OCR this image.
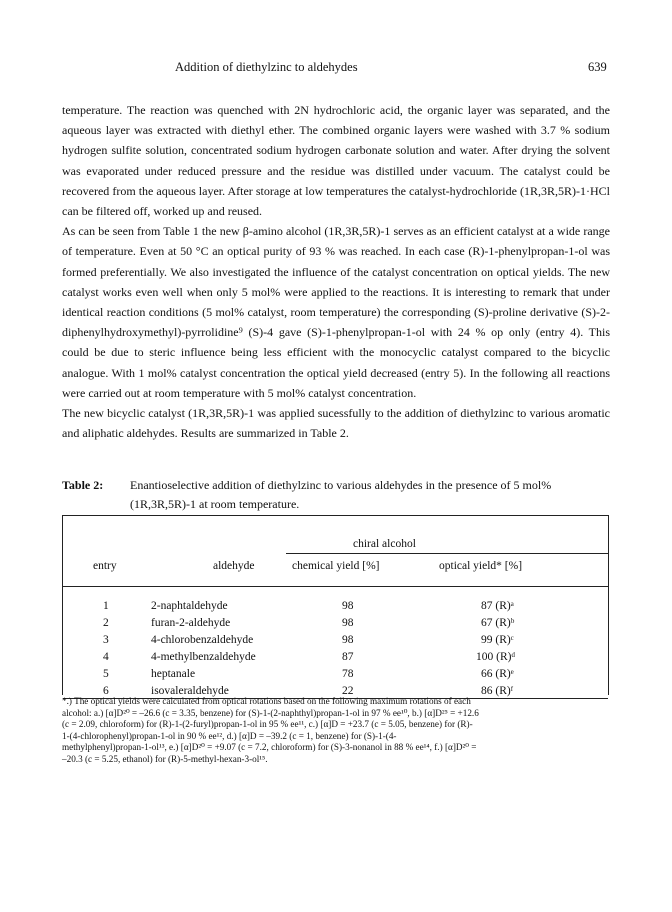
Addition of diethylzinc to aldehydes	639

temperature. The reaction was quenched with 2N hydrochloric acid, the organic layer was separated, and the aqueous layer was extracted with diethyl ether. The combined organic layers were washed with 3.7 % sodium hydrogen sulfite solution, concentrated sodium hydrogen carbonate solution and water. After drying the solvent was evaporated under reduced pressure and the residue was distilled under vacuum. The catalyst could be recovered from the aqueous layer. After storage at low temperatures the catalyst-hydrochloride (1R,3R,5R)-1·HCl can be filtered off, worked up and reused.

As can be seen from Table 1 the new β-amino alcohol (1R,3R,5R)-1 serves as an efficient catalyst at a wide range of temperature. Even at 50 °C an optical purity of 93 % was reached. In each case (R)-1-phenylpropan-1-ol was formed preferentially. We also investigated the influence of the catalyst concentration on optical yields. The new catalyst works even well when only 5 mol% were applied to the reactions. It is interesting to remark that under identical reaction conditions (5 mol% catalyst, room temperature) the corresponding (S)-proline derivative (S)-2-diphenylhydroxymethyl)-pyrrolidine⁹ (S)-4 gave (S)-1-phenylpropan-1-ol with 24 % op only (entry 4). This could be due to steric influence being less efficient with the monocyclic catalyst compared to the bicyclic analogue. With 1 mol% catalyst concentration the optical yield decreased (entry 5). In the following all reactions were carried out at room temperature with 5 mol% catalyst concentration.

The new bicyclic catalyst (1R,3R,5R)-1 was applied sucessfully to the addition of diethylzinc to various aromatic and aliphatic aldehydes. Results are summarized in Table 2.

Table 2: Enantioselective addition of diethylzinc to various aldehydes in the presence of 5 mol% (1R,3R,5R)-1 at room temperature.
chiral alcohol
entry	aldehyde	chemical yield [%]	optical yield* [%]
1	2-naphtaldehyde	98	87 (R)ᵃ
2	furan-2-aldehyde	98	67 (R)ᵇ
3	4-chlorobenzaldehyde	98	99 (R)ᶜ
4	4-methylbenzaldehyde	87	100 (R)ᵈ
5	heptanale	78	66 (R)ᵉ
6	isovaleraldehyde	22	86 (R)ᶠ
*.) The optical yields were calculated from optical rotations based on the following maximum rotations of each
alcohol: a.) [α]D²⁰ = –26.6 (c = 3.35, benzene) for (S)-1-(2-naphthyl)propan-1-ol in 97 % ee¹⁰, b.) [α]D²⁵ = +12.6
(c = 2.09, chloroform) for (R)-1-(2-furyl)propan-1-ol in 95 % ee¹¹, c.) [α]D = +23.7 (c = 5.05, benzene) for (R)-
1-(4-chlorophenyl)propan-1-ol in 90 % ee¹², d.) [α]D = –39.2 (c = 1, benzene) for (S)-1-(4-
methylphenyl)propan-1-ol¹³, e.) [α]D²⁰ = +9.07 (c = 7.2, chloroform) for (S)-3-nonanol in 88 % ee¹⁴, f.) [α]D²⁰ =
–20.3 (c = 5.25, ethanol) for (R)-5-methyl-hexan-3-ol¹⁵.
